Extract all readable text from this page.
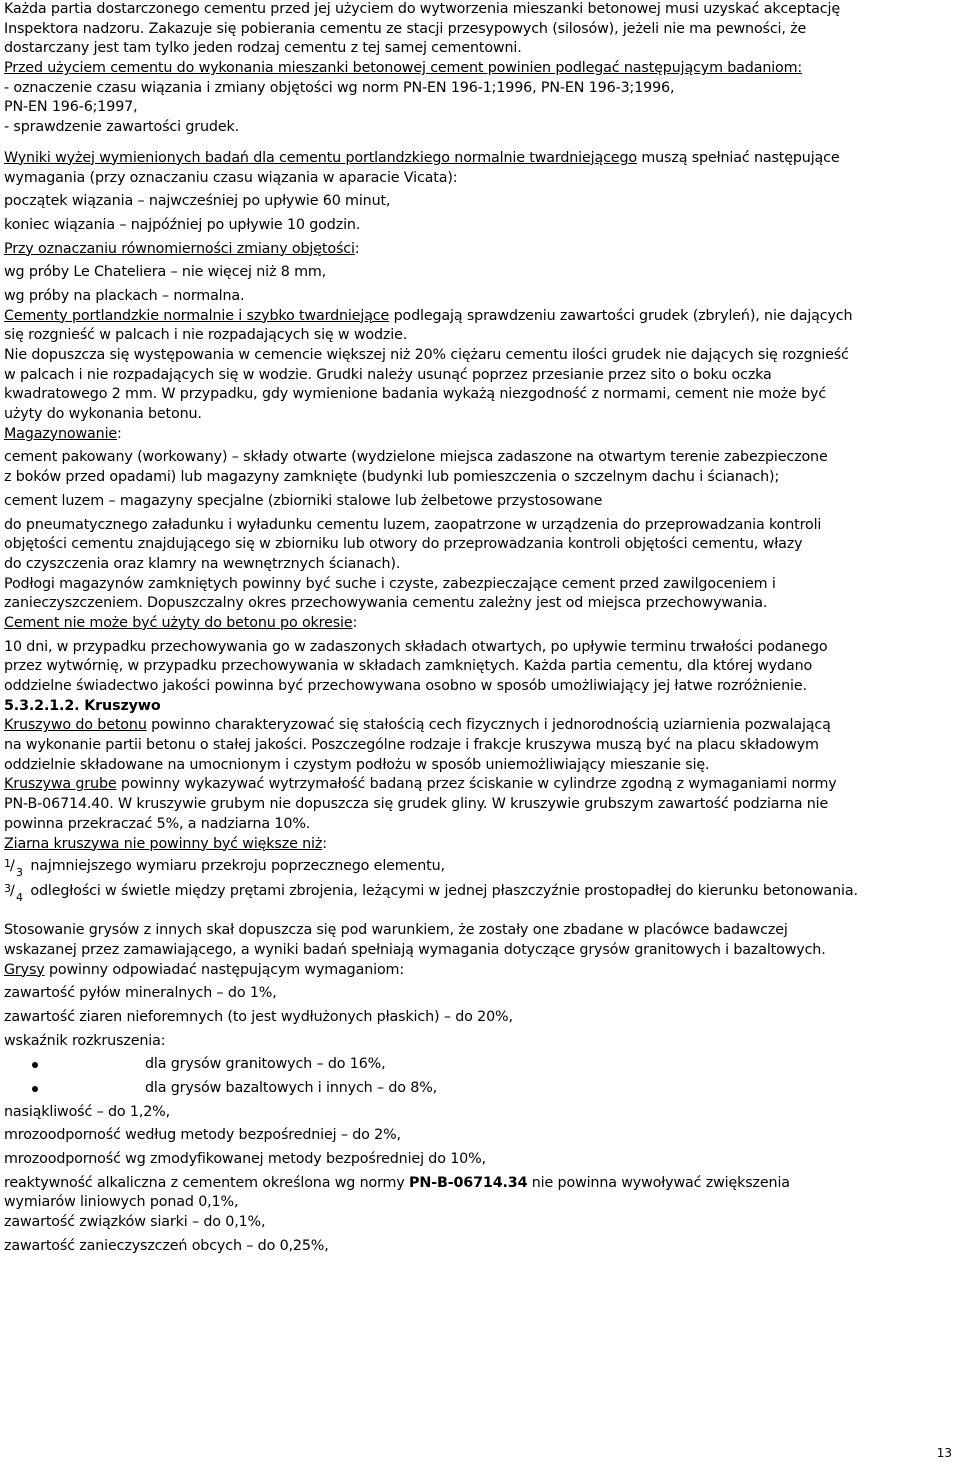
Każda partia dostarczonego cementu przed jej użyciem do wytworzenia mieszanki betonowej musi uzyskać akceptację
Inspektora nadzoru. Zakazuje się pobierania cementu ze stacji przesypowych (silosów), jeżeli nie ma pewności, że
dostarczany jest tam tylko jeden rodzaj cementu z tej samej cementowni.
Przed użyciem cementu do wykonania mieszanki betonowej cement powinien podlegać następującym badaniom:
- oznaczenie czasu wiązania i zmiany objętości wg norm PN-EN 196-1;1996, PN-EN 196-3;1996,
PN-EN 196-6;1997,
- sprawdzenie zawartości grudek.
Wyniki wyżej wymienionych badań dla cementu portlandzkiego normalnie twardniejącego muszą spełniać następujące
wymagania (przy oznaczaniu czasu wiązania w aparacie Vicata):
początek wiązania – najwcześniej po upływie 60 minut,
koniec wiązania – najpóźniej po upływie 10 godzin.
Przy oznaczaniu równomierności zmiany objętości:
wg próby Le Chateliera – nie więcej niż 8 mm,
wg próby na plackach – normalna.
Cementy portlandzkie normalnie i szybko twardniejące podlegają sprawdzeniu zawartości grudek (zbryleń), nie dających
się rozgnieść w palcach i nie rozpadających się w wodzie.
Nie dopuszcza się występowania w cemencie większej niż 20% ciężaru cementu ilości grudek nie dających się rozgnieść
w palcach i nie rozpadających się w wodzie. Grudki należy usunąć poprzez przesianie przez sito o boku oczka
kwadratowego 2 mm. W przypadku, gdy wymienione badania wykażą niezgodność z normami, cement nie może być
użyty do wykonania betonu.
Magazynowanie:
cement pakowany (workowany) – składy otwarte (wydzielone miejsca zadaszone na otwartym terenie zabezpieczone
z boków przed opadami) lub magazyny zamknięte (budynki lub pomieszczenia o szczelnym dachu i ścianach);
cement luzem – magazyny specjalne (zbiorniki stalowe lub żelbetowe przystosowane
do pneumatycznego załadunku i wyładunku cementu luzem, zaopatrzone w urządzenia do przeprowadzania kontroli
objętości cementu znajdującego się w zbiorniku lub otwory do przeprowadzania kontroli objętości cementu, włazy
do czyszczenia oraz klamry na wewnętrznych ścianach).
Podłogi magazynów zamkniętych powinny być suche i czyste, zabezpieczające cement przed zawilgoceniem i
zanieczyszczeniem. Dopuszczalny okres przechowywania cementu zależny jest od miejsca przechowywania.
Cement nie może być użyty do betonu po okresie:
10 dni, w przypadku przechowywania go w zadaszonych składach otwartych, po upływie terminu trwałości podanego
przez wytwórnię, w przypadku przechowywania w składach zamkniętych. Każda partia cementu, dla której wydano
oddzielne świadectwo jakości powinna być przechowywana osobno w sposób umożliwiający jej łatwe rozróżnienie.
5.3.2.1.2. Kruszywo
Kruszywo do betonu powinno charakteryzować się stałością cech fizycznych i jednorodnością uziarnienia pozwalającą
na wykonanie partii betonu o stałej jakości. Poszczególne rodzaje i frakcje kruszywa muszą być na placu składowym
oddzielnie składowane na umocnionym i czystym podłożu w sposób uniemożliwiający mieszanie się.
Kruszywa grube powinny wykazywać wytrzymałość badaną przez ściskanie w cylindrze zgodną z wymaganiami normy
PN-B-06714.40. W kruszywie grubym nie dopuszcza się grudek gliny. W kruszywie grubszym zawartość podziarna nie
powinna przekraczać 5%, a nadziarna 10%.
Ziarna kruszywa nie powinny być większe niż:
1 / 3 najmniejszego wymiaru przekroju poprzecznego elementu,
3 / 4 odległości w świetle między prętami zbrojenia, leżącymi w jednej płaszczyźnie prostopadłej do kierunku betonowania.
Stosowanie grysów z innych skał dopuszcza się pod warunkiem, że zostały one zbadane w placówce badawczej
wskazanej przez zamawiającego, a wyniki badań spełniają wymagania dotyczące grysów granitowych i bazaltowych.
Grysy powinny odpowiadać następującym wymaganiom:
zawartość pyłów mineralnych – do 1%,
zawartość ziaren nieforemnych (to jest wydłużonych płaskich) – do 20%,
wskaźnik rozkruszenia:
dla grysów granitowych – do 16%,
dla grysów bazaltowych i innych – do 8%,
nasiąkliwość – do 1,2%,
mrozoodporność według metody bezpośredniej – do 2%,
mrozoodporność wg zmodyfikowanej metody bezpośredniej do 10%,
reaktywność alkaliczna z cementem określona wg normy PN-B-06714.34 nie powinna wywoływać zwiększenia
wymiarów liniowych ponad 0,1%,
zawartość związków siarki – do 0,1%,
zawartość zanieczyszczeń obcych – do 0,25%,
13
